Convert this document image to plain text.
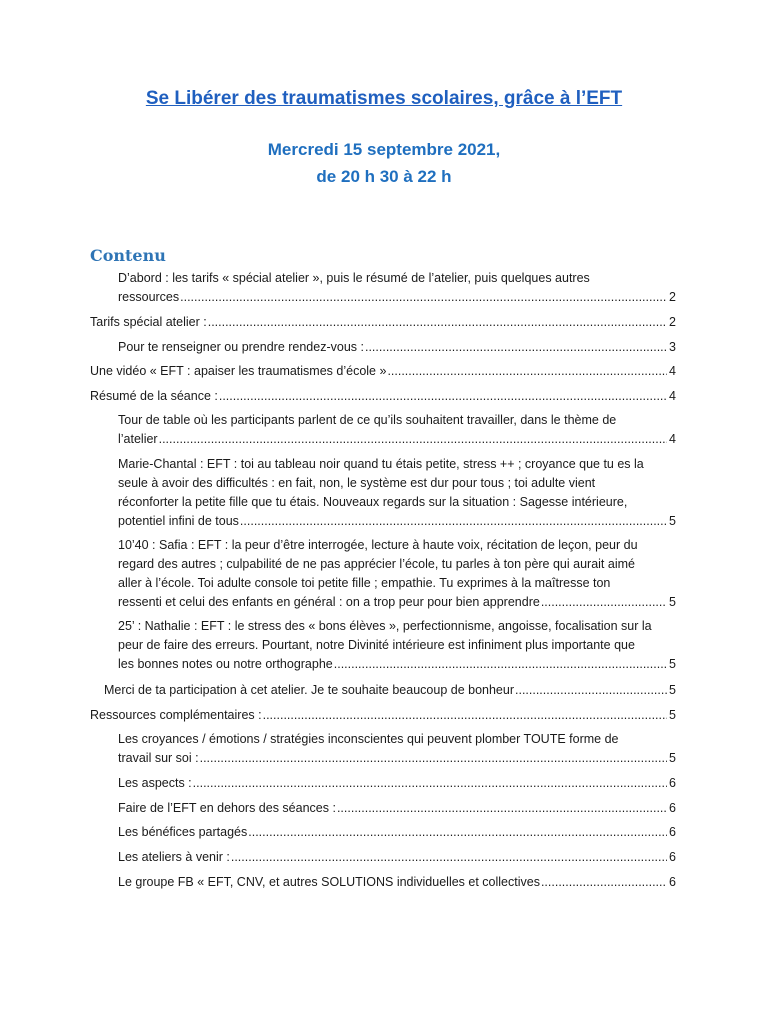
Se Libérer des traumatismes scolaires, grâce à l’EFT
Mercredi 15 septembre 2021,
de 20 h 30 à 22 h
Contenu
D’abord : les tarifs « spécial atelier », puis le résumé de l’atelier, puis quelques autres
ressources .....	2
Tarifs spécial atelier : .....	2
Pour te renseigner ou prendre rendez-vous : .....	3
Une vidéo « EFT : apaiser les traumatismes d’école » .....	4
Résumé de la séance : .....	4
Tour de table où les participants parlent de ce qu’ils souhaitent travailler, dans le thème de
l’atelier .....	4
Marie-Chantal : EFT : toi au tableau noir quand tu étais petite, stress ++ ; croyance que tu es la
seule à avoir des difficultés : en fait, non, le système est dur pour tous ; toi adulte vient
réconforter la petite fille que tu étais. Nouveaux regards sur la situation : Sagesse intérieure,
potentiel infini de tous .....	5
10’40 : Safia : EFT : la peur d’être interrogée, lecture à haute voix, récitation de leçon, peur du
regard des autres ; culpabilité de ne pas apprécier l’école, tu parles à ton père qui aurait aimé
aller à l’école. Toi adulte console toi petite fille ; empathie. Tu exprimes à la maîtresse ton
ressenti et celui des enfants en général : on a trop peur pour bien apprendre .....	5
25’ : Nathalie : EFT : le stress des « bons élèves », perfectionnisme, angoisse, focalisation sur la
peur de faire des erreurs. Pourtant, notre Divinité intérieure est infiniment plus importante que
les bonnes notes ou notre orthographe .....	5
Merci de ta participation à cet atelier. Je te souhaite beaucoup de bonheur .....	5
Ressources complémentaires : .....	5
Les croyances / émotions / stratégies inconscientes qui peuvent plomber TOUTE forme de
travail sur soi : .....	5
Les aspects : .....	6
Faire de l’EFT en dehors des séances : .....	6
Les bénéfices partagés .....	6
Les ateliers à venir : .....	6
Le groupe FB « EFT, CNV, et autres SOLUTIONS individuelles et collectives .....	6
